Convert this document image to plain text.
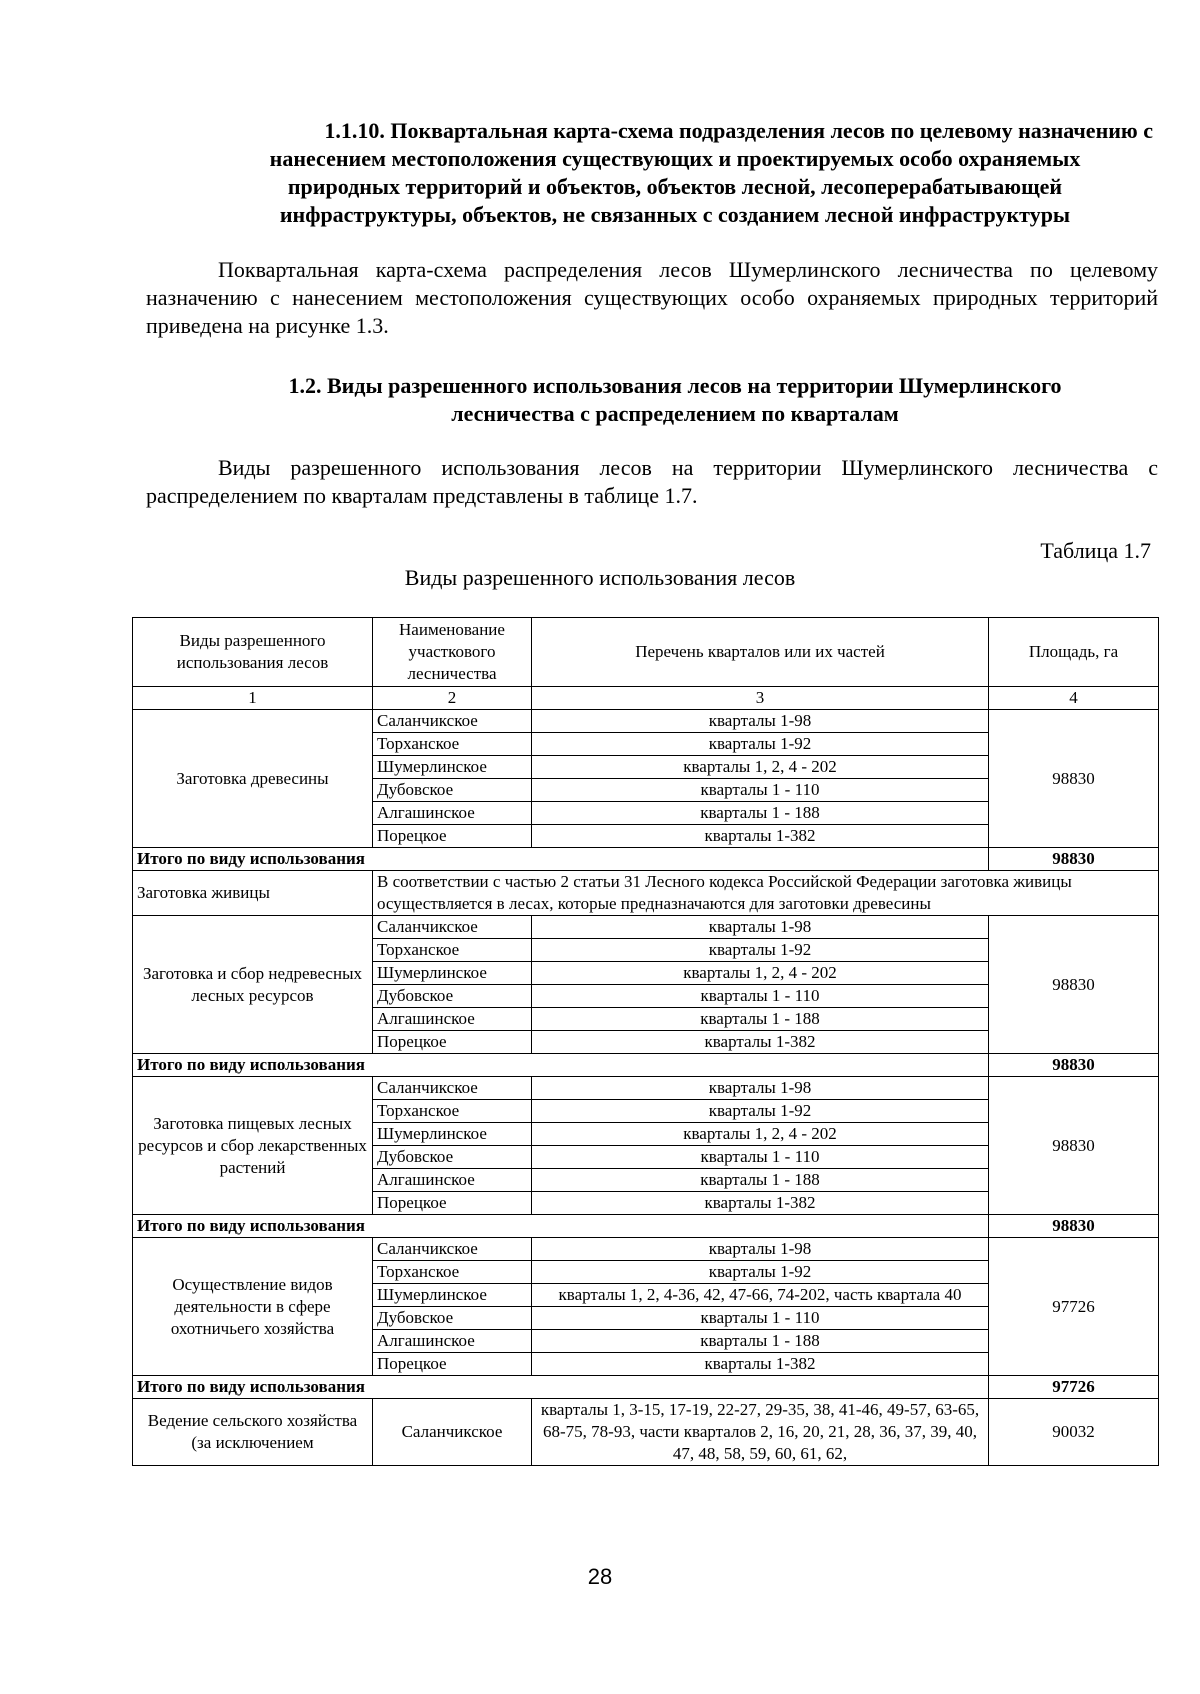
1.1.10. Поквартальная карта-схема подразделения лесов по целевому назначению с
нанесением местоположения существующих и проектируемых особо охраняемых
природных территорий и объектов, объектов лесной, лесоперерабатывающей
инфраструктуры, объектов, не связанных с созданием лесной инфраструктуры
Поквартальная карта-схема распределения лесов Шумерлинского лесничества по целевому назначению с нанесением местоположения существующих особо охраняемых природных территорий приведена на рисунке 1.3.
1.2. Виды разрешенного использования лесов на территории Шумерлинского
лесничества с распределением по кварталам
Виды разрешенного использования лесов на территории Шумерлинского лесничества с распределением по кварталам представлены в таблице 1.7.
Таблица 1.7
Виды разрешенного использования лесов
Виды разрешенного использования лесов	Наименование участкового лесничества	Перечень кварталов или их частей	Площадь, га
1	2	3	4
Заготовка древесины	Саланчикское	кварталы 1-98	98830
	Торханское	кварталы 1-92	
	Шумерлинское	кварталы 1, 2, 4 - 202	
	Дубовское	кварталы 1 - 110	
	Алгашинское	кварталы 1 - 188	
	Порецкое	кварталы 1-382	
Итого по виду использования			98830
Заготовка живицы	В соответствии с частью 2 статьи 31 Лесного кодекса Российской Федерации заготовка живицы осуществляется в лесах, которые предназначаются для заготовки древесины		
Заготовка и сбор недревесных лесных ресурсов	Саланчикское	кварталы 1-98	98830
	Торханское	кварталы 1-92	
	Шумерлинское	кварталы 1, 2, 4 - 202	
	Дубовское	кварталы 1 - 110	
	Алгашинское	кварталы 1 - 188	
	Порецкое	кварталы 1-382	
Итого по виду использования			98830
Заготовка пищевых лесных ресурсов и сбор лекарственных растений	Саланчикское	кварталы 1-98	98830
	Торханское	кварталы 1-92	
	Шумерлинское	кварталы 1, 2, 4 - 202	
	Дубовское	кварталы 1 - 110	
	Алгашинское	кварталы 1 - 188	
	Порецкое	кварталы 1-382	
Итого по виду использования			98830
Осуществление видов деятельности в сфере охотничьего хозяйства	Саланчикское	кварталы 1-98	97726
	Торханское	кварталы 1-92	
	Шумерлинское	кварталы 1, 2, 4-36, 42, 47-66, 74-202, часть квартала 40	
	Дубовское	кварталы 1 - 110	
	Алгашинское	кварталы 1 - 188	
	Порецкое	кварталы 1-382	
Итого по виду использования			97726
Ведение сельского хозяйства (за исключением	Саланчикское	кварталы 1, 3-15, 17-19, 22-27, 29-35, 38, 41-46, 49-57, 63-65, 68-75, 78-93, части кварталов 2, 16, 20, 21, 28, 36, 37, 39, 40, 47, 48, 58, 59, 60, 61, 62,	90032
28
